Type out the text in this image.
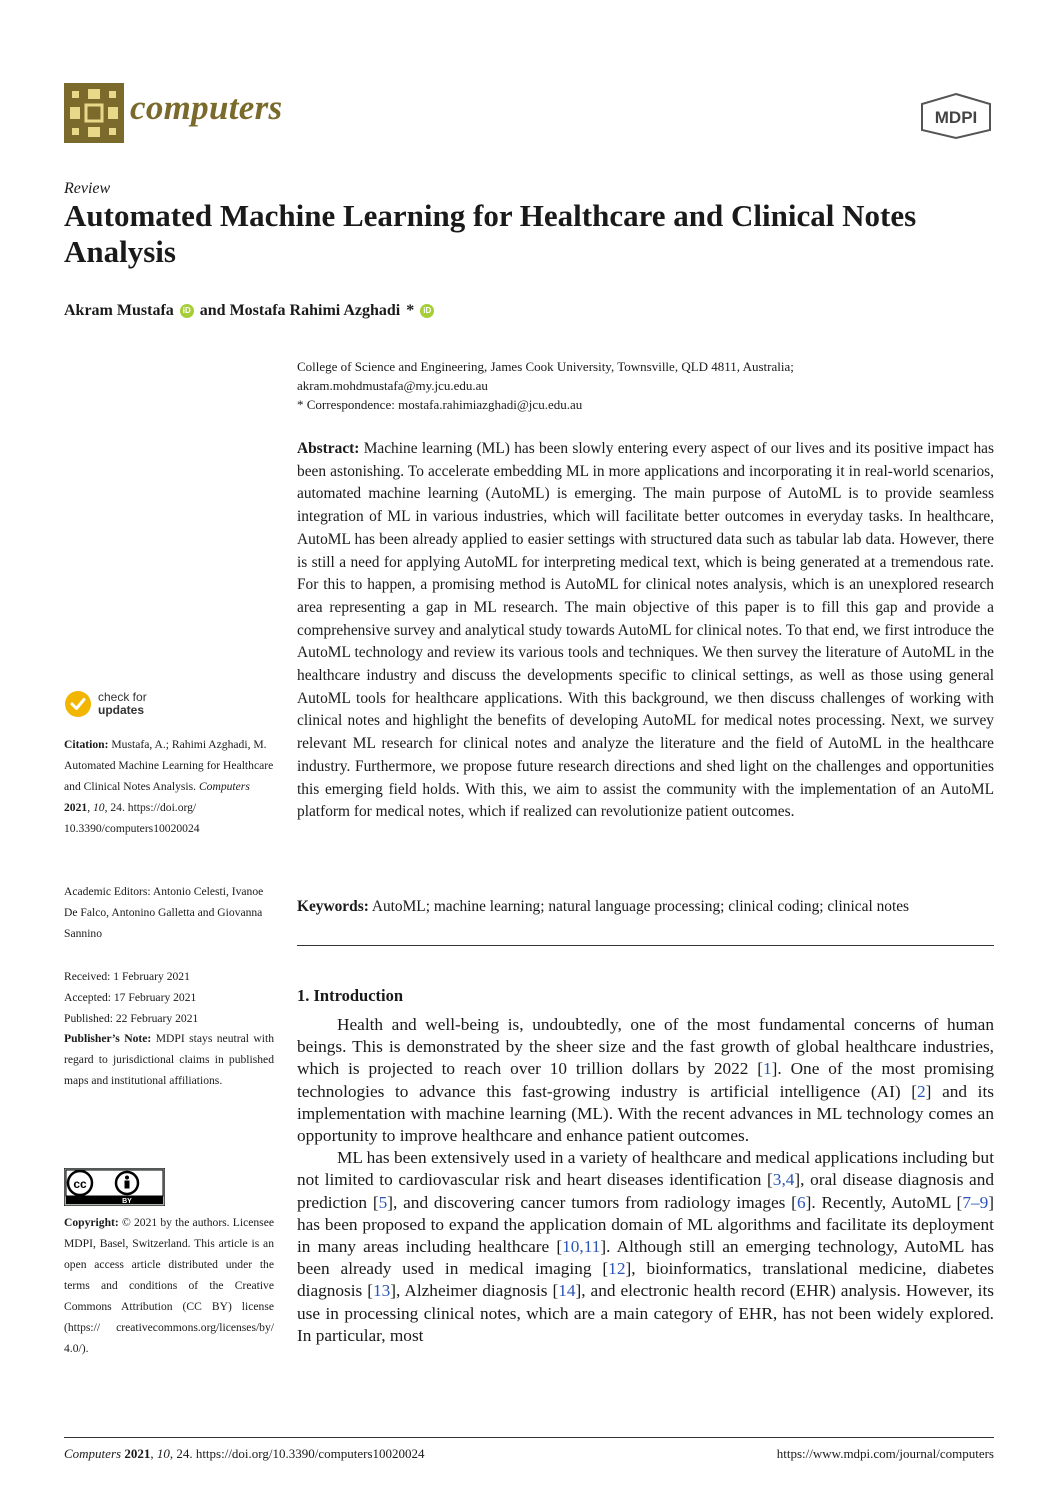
computers	MDPI
Review
Automated Machine Learning for Healthcare and Clinical Notes Analysis
Akram Mustafa	iD and Mostafa Rahimi Azghadi *	iD
College of Science and Engineering, James Cook University, Townsville, QLD 4811, Australia;
akram.mohdmustafa@my.jcu.edu.au
* Correspondence: mostafa.rahimiazghadi@jcu.edu.au
Abstract: Machine learning (ML) has been slowly entering every aspect of our lives and its positive impact has been astonishing. To accelerate embedding ML in more applications and incorporating it in real-world scenarios, automated machine learning (AutoML) is emerging. The main purpose of AutoML is to provide seamless integration of ML in various industries, which will facilitate better outcomes in everyday tasks. In healthcare, AutoML has been already applied to easier settings with structured data such as tabular lab data. However, there is still a need for applying AutoML for interpreting medical text, which is being generated at a tremendous rate. For this to happen, a promising method is AutoML for clinical notes analysis, which is an unexplored research area representing a gap in ML research. The main objective of this paper is to fill this gap and provide a comprehensive survey and analytical study towards AutoML for clinical notes. To that end, we first introduce the AutoML technology and review its various tools and techniques. We then survey the literature of AutoML in the healthcare industry and discuss the developments specific to clinical settings, as well as those using general AutoML tools for healthcare applications. With this background, we then discuss challenges of working with clinical notes and highlight the benefits of developing AutoML for medical notes processing. Next, we survey relevant ML research for clinical notes and analyze the literature and the field of AutoML in the healthcare industry. Furthermore, we propose future research directions and shed light on the challenges and opportunities this emerging field holds. With this, we aim to assist the community with the implementation of an AutoML platform for medical notes, which if realized can revolutionize patient outcomes.
Keywords: AutoML; machine learning; natural language processing; clinical coding; clinical notes
1. Introduction

Health and well-being is, undoubtedly, one of the most fundamental concerns of human beings. This is demonstrated by the sheer size and the fast growth of global healthcare industries, which is projected to reach over 10 trillion dollars by 2022 [1]. One of the most promising technologies to advance this fast-growing industry is artificial intelligence (AI) [2] and its implementation with machine learning (ML). With the recent advances in ML technology comes an opportunity to improve healthcare and enhance patient outcomes.

ML has been extensively used in a variety of healthcare and medical applications including but not limited to cardiovascular risk and heart diseases identification [3,4], oral disease diagnosis and prediction [5], and discovering cancer tumors from radiology images [6]. Recently, AutoML [7–9] has been proposed to expand the application domain of ML algorithms and facilitate its deployment in many areas including healthcare [10,11]. Although still an emerging technology, AutoML has been already used in medical imaging [12], bioinformatics, translational medicine, diabetes diagnosis [13], Alzheimer diagnosis [14], and electronic health record (EHR) analysis. However, its use in processing clinical notes, which are a main category of EHR, has not been widely explored. In particular, most

check for
updates
Citation: Mustafa, A.; Rahimi Azghadi, M. Automated Machine Learning for Healthcare and Clinical Notes Analysis. Computers 2021, 10, 24. https://doi.org/ 10.3390/computers10020024
Academic Editors: Antonio Celesti, Ivanoe De Falco, Antonino Galletta and Giovanna Sannino
Received: 1 February 2021
Accepted: 17 February 2021
Published: 22 February 2021
Publisher’s Note: MDPI stays neutral with regard to jurisdictional claims in published maps and institutional affiliations.
cc
BY
Copyright: © 2021 by the authors. Licensee MDPI, Basel, Switzerland. This article is an open access article distributed under the terms and conditions of the Creative Commons Attribution (CC BY) license (https:// creativecommons.org/licenses/by/ 4.0/).
Computers 2021, 10, 24. https://doi.org/10.3390/computers10020024	https://www.mdpi.com/journal/computers
